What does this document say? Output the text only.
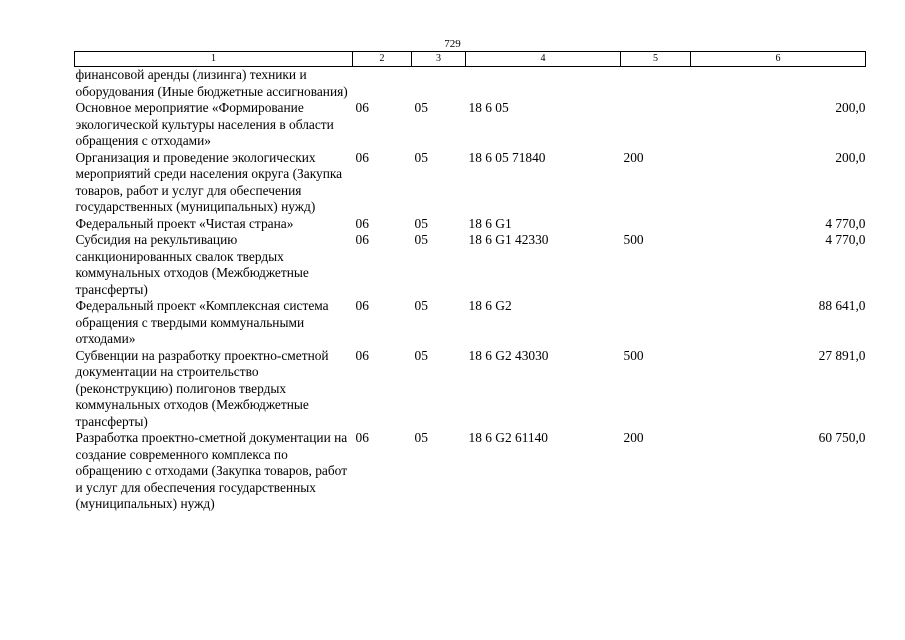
729
1	2	3	4	5	6
финансовой аренды (лизинга) техники и оборудования (Иные бюджетные ассигнования)					
Основное мероприятие «Формирование экологической культуры населения в области обращения с отходами»	06	05	18 6 05		200,0
Организация и проведение экологических мероприятий среди населения округа (Закупка товаров, работ и услуг для обеспечения государственных (муниципальных) нужд)	06	05	18 6 05 71840	200	200,0
Федеральный проект «Чистая страна»	06	05	18 6 G1		4 770,0
Субсидия на рекультивацию санкционированных свалок твердых коммунальных отходов (Межбюджетные трансферты)	06	05	18 6 G1 42330	500	4 770,0
Федеральный проект «Комплексная система обращения с твердыми коммунальными отходами»	06	05	18 6 G2		88 641,0
Субвенции на разработку проектно-сметной документации на строительство (реконструкцию) полигонов твердых коммунальных отходов (Межбюджетные трансферты)	06	05	18 6 G2 43030	500	27 891,0
Разработка проектно-сметной документации на создание современного комплекса по обращению с отходами (Закупка товаров, работ и услуг для обеспечения государственных (муниципальных) нужд)	06	05	18 6 G2 61140	200	60 750,0
